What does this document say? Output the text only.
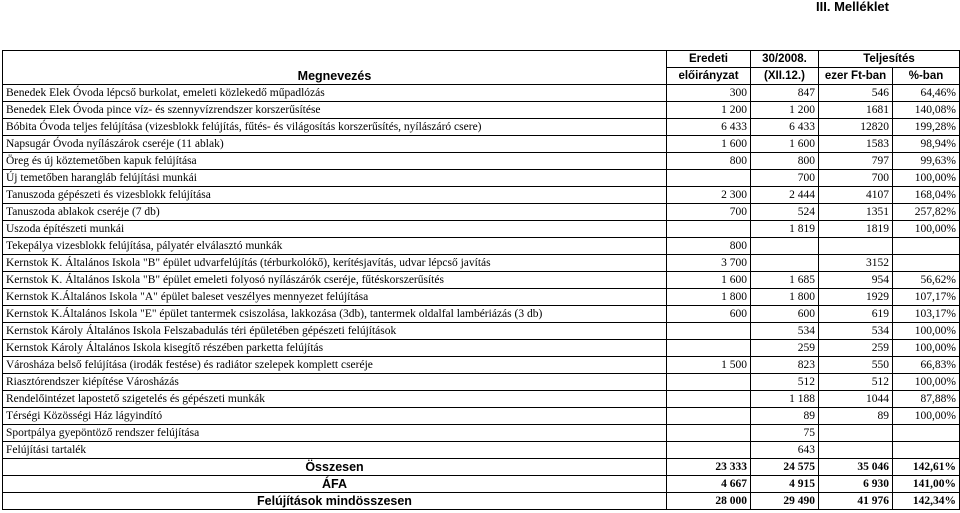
III. Melléklet
Megnevezés	Eredeti	30/2008.	Teljesítés	
	előirányzat	(XII.12.)	ezer Ft-ban	%-ban
Benedek Elek Óvoda lépcső burkolat, emeleti közlekedő műpadlózás	300	847	546	64,46%
Benedek Elek Óvoda pince víz- és szennyvízrendszer korszerűsítése	1 200	1 200	1681	140,08%
Bóbita Óvoda teljes felújítása (vizesblokk felújítás, fűtés- és világosítás korszerűsítés, nyílászáró csere)	6 433	6 433	12820	199,28%
Napsugár Óvoda nyílászárok cseréje (11 ablak)	1 600	1 600	1583	98,94%
Öreg és új köztemetőben kapuk felújítása	800	800	797	99,63%
Új temetőben harangláb felújítási munkái		700	700	100,00%
Tanuszoda gépészeti és vizesblokk felújítása	2 300	2 444	4107	168,04%
Tanuszoda ablakok cseréje (7 db)	700	524	1351	257,82%
Uszoda építészeti munkái		1 819	1819	100,00%
Tekepálya vizesblokk felújítása, pályatér elválasztó munkák	800			
Kernstok K. Általános Iskola "B" épület udvarfelújítás (térburkolókő), kerítésjavítás, udvar lépcső javítás	3 700		3152	
Kernstok K. Általános Iskola "B" épület emeleti folyosó nyílászárók cseréje, fűtéskorszerűsítés	1 600	1 685	954	56,62%
Kernstok K.Általános Iskola "A" épület baleset veszélyes mennyezet felújítása	1 800	1 800	1929	107,17%
Kernstok K.Általános Iskola "E" épület tantermek csiszolása, lakkozása (3db), tantermek oldalfal lambériázás (3 db)	600	600	619	103,17%
Kernstok Károly Általános Iskola Felszabadulás téri épületében gépészeti felújítások		534	534	100,00%
Kernstok Károly Általános Iskola kisegítő részében parketta felújítás		259	259	100,00%
Városháza belső felújítása (irodák festése) és radiátor szelepek komplett cseréje	1 500	823	550	66,83%
Riasztórendszer kiépítése Városházás		512	512	100,00%
Rendelőintézet lapostető szigetelés és gépészeti munkák		1 188	1044	87,88%
Térségi Közösségi Ház lágyindító		89	89	100,00%
Sportpálya gyepöntöző rendszer felújítása		75		
Felújítási tartalék		643		
Összesen	23 333	24 575	35 046	142,61%
ÁFA	4 667	4 915	6 930	141,00%
Felújítások mindösszesen	28 000	29 490	41 976	142,34%
